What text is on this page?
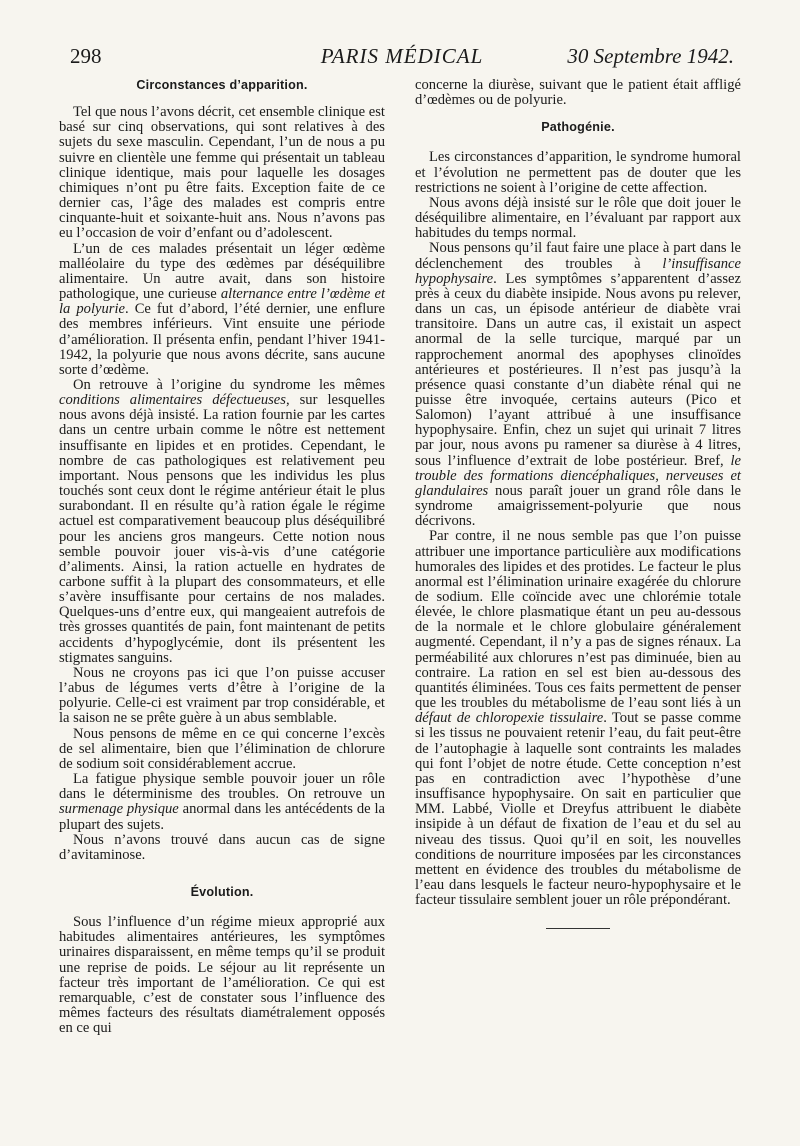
298	PARIS MÉDICAL	30 Septembre 1942.
Circonstances d’apparition.

Tel que nous l’avons décrit, cet ensemble clinique est basé sur cinq observations, qui sont relatives à des sujets du sexe masculin. Cependant, l’un de nous a pu suivre en clientèle une femme qui présentait un tableau clinique identique, mais pour laquelle les dosages chimiques n’ont pu être faits. Exception faite de ce dernier cas, l’âge des malades est compris entre cinquante-huit et soixante-huit ans. Nous n’avons pas eu l’occasion de voir d’enfant ou d’adolescent.

L’un de ces malades présentait un léger œdème malléolaire du type des œdèmes par déséquilibre alimentaire. Un autre avait, dans son histoire pathologique, une curieuse alternance entre l’œdème et la polyurie. Ce fut d’abord, l’été dernier, une enflure des membres inférieurs. Vint ensuite une période d’amélioration. Il présenta enfin, pendant l’hiver 1941-1942, la polyurie que nous avons décrite, sans aucune sorte d’œdème.

On retrouve à l’origine du syndrome les mêmes conditions alimentaires défectueuses, sur lesquelles nous avons déjà insisté. La ration fournie par les cartes dans un centre urbain comme le nôtre est nettement insuffisante en lipides et en protides. Cependant, le nombre de cas pathologiques est relativement peu important. Nous pensons que les individus les plus touchés sont ceux dont le régime antérieur était le plus surabondant. Il en résulte qu’à ration égale le régime actuel est comparativement beaucoup plus déséquilibré pour les anciens gros mangeurs. Cette notion nous semble pouvoir jouer vis-à-vis d’une catégorie d’aliments. Ainsi, la ration actuelle en hydrates de carbone suffit à la plupart des consommateurs, et elle s’avère insuffisante pour certains de nos malades. Quelques-uns d’entre eux, qui mangeaient autrefois de très grosses quantités de pain, font maintenant de petits accidents d’hypoglycémie, dont ils présentent les stigmates sanguins.

Nous ne croyons pas ici que l’on puisse accuser l’abus de légumes verts d’être à l’origine de la polyurie. Celle-ci est vraiment par trop considérable, et la saison ne se prête guère à un abus semblable.

Nous pensons de même en ce qui concerne l’excès de sel alimentaire, bien que l’élimination de chlorure de sodium soit considérablement accrue.

La fatigue physique semble pouvoir jouer un rôle dans le déterminisme des troubles. On retrouve un surmenage physique anormal dans les antécédents de la plupart des sujets.

Nous n’avons trouvé dans aucun cas de signe d’avitaminose.

Évolution.

Sous l’influence d’un régime mieux approprié aux habitudes alimentaires antérieures, les symptômes urinaires disparaissent, en même temps qu’il se produit une reprise de poids. Le séjour au lit représente un facteur très important de l’amélioration. Ce qui est remarquable, c’est de constater sous l’influence des mêmes facteurs des résultats diamétralement opposés en ce qui

concerne la diurèse, suivant que le patient était affligé d’œdèmes ou de polyurie.

Pathogénie.

Les circonstances d’apparition, le syndrome humoral et l’évolution ne permettent pas de douter que les restrictions ne soient à l’origine de cette affection.

Nous avons déjà insisté sur le rôle que doit jouer le déséquilibre alimentaire, en l’évaluant par rapport aux habitudes du temps normal.

Nous pensons qu’il faut faire une place à part dans le déclenchement des troubles à l’insuffisance hypophysaire. Les symptômes s’apparentent d’assez près à ceux du diabète insipide. Nous avons pu relever, dans un cas, un épisode antérieur de diabète vrai transitoire. Dans un autre cas, il existait un aspect anormal de la selle turcique, marqué par un rapprochement anormal des apophyses clinoïdes antérieures et postérieures. Il n’est pas jusqu’à la présence quasi constante d’un diabète rénal qui ne puisse être invoquée, certains auteurs (Pico et Salomon) l’ayant attribué à une insuffisance hypophysaire. Enfin, chez un sujet qui urinait 7 litres par jour, nous avons pu ramener sa diurèse à 4 litres, sous l’influence d’extrait de lobe postérieur. Bref, le trouble des formations diencéphaliques, nerveuses et glandulaires nous paraît jouer un grand rôle dans le syndrome amaigrissement-polyurie que nous décrivons.

Par contre, il ne nous semble pas que l’on puisse attribuer une importance particulière aux modifications humorales des lipides et des protides. Le facteur le plus anormal est l’élimination urinaire exagérée du chlorure de sodium. Elle coïncide avec une chlorémie totale élevée, le chlore plasmatique étant un peu au-dessous de la normale et le chlore globulaire généralement augmenté. Cependant, il n’y a pas de signes rénaux. La perméabilité aux chlorures n’est pas diminuée, bien au contraire. La ration en sel est bien au-dessous des quantités éliminées. Tous ces faits permettent de penser que les troubles du métabolisme de l’eau sont liés à un défaut de chloropexie tissulaire. Tout se passe comme si les tissus ne pouvaient retenir l’eau, du fait peut-être de l’autophagie à laquelle sont contraints les malades qui font l’objet de notre étude. Cette conception n’est pas en contradiction avec l’hypothèse d’une insuffisance hypophysaire. On sait en particulier que MM. Labbé, Violle et Dreyfus attribuent le diabète insipide à un défaut de fixation de l’eau et du sel au niveau des tissus. Quoi qu’il en soit, les nouvelles conditions de nourriture imposées par les circonstances mettent en évidence des troubles du métabolisme de l’eau dans lesquels le facteur neuro-hypophysaire et le facteur tissulaire semblent jouer un rôle prépondérant.
